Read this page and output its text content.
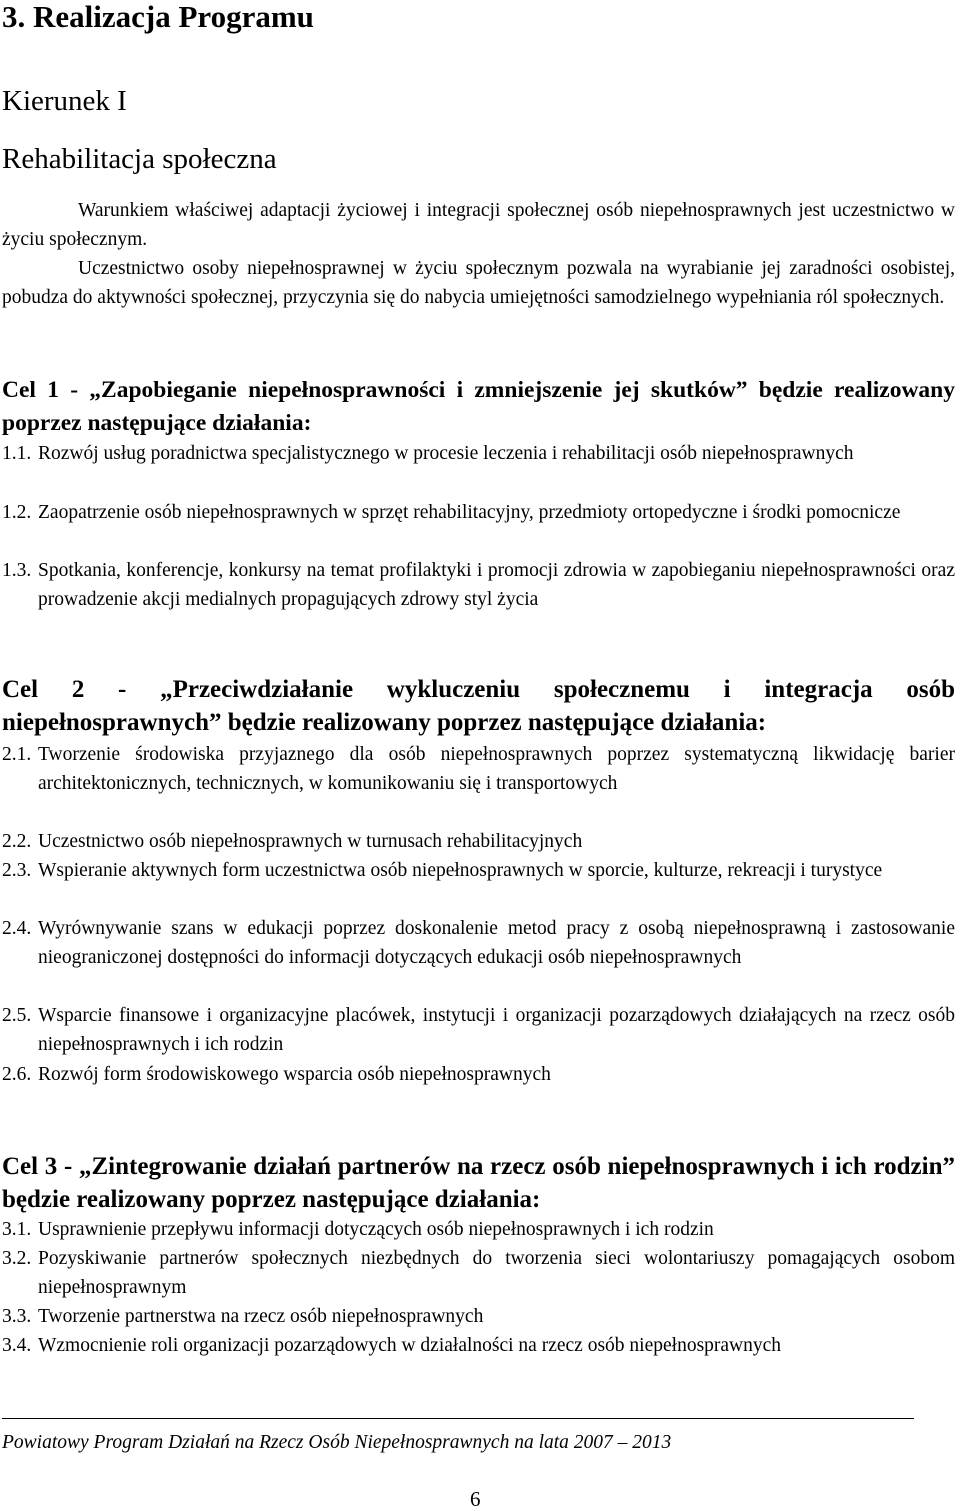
3. Realizacja Programu
Kierunek I
Rehabilitacja społeczna
Warunkiem właściwej adaptacji życiowej i integracji społecznej osób niepełnosprawnych jest uczestnictwo w życiu społecznym.
Uczestnictwo osoby niepełnosprawnej w życiu społecznym pozwala na wyrabianie jej zaradności osobistej, pobudza do aktywności społecznej, przyczynia się do nabycia umiejętności samodzielnego wypełniania ról społecznych.
Cel 1 - „Zapobieganie niepełnosprawności i zmniejszenie jej skutków” będzie realizowany poprzez następujące działania:
1.1. Rozwój usług poradnictwa specjalistycznego w procesie leczenia i rehabilitacji osób niepełnosprawnych
1.2. Zaopatrzenie osób niepełnosprawnych w sprzęt rehabilitacyjny, przedmioty ortopedyczne i środki pomocnicze
1.3. Spotkania, konferencje, konkursy na temat profilaktyki i promocji zdrowia w zapobieganiu niepełnosprawności oraz prowadzenie akcji medialnych propagujących zdrowy styl życia
Cel 2 - „Przeciwdziałanie wykluczeniu społecznemu i integracja osób niepełnosprawnych” będzie realizowany poprzez następujące działania:
2.1. Tworzenie środowiska przyjaznego dla osób niepełnosprawnych poprzez systematyczną likwidację barier architektonicznych, technicznych, w komunikowaniu się i transportowych
2.2. Uczestnictwo osób niepełnosprawnych w turnusach rehabilitacyjnych
2.3. Wspieranie aktywnych form uczestnictwa osób niepełnosprawnych w sporcie, kulturze, rekreacji i turystyce
2.4. Wyrównywanie szans w edukacji poprzez doskonalenie metod pracy z osobą niepełnosprawną i zastosowanie nieograniczonej dostępności do informacji dotyczących edukacji osób niepełnosprawnych
2.5. Wsparcie finansowe i organizacyjne placówek, instytucji i organizacji pozarządowych działających na rzecz osób niepełnosprawnych i ich rodzin
2.6. Rozwój form środowiskowego wsparcia osób niepełnosprawnych
Cel 3 - „Zintegrowanie działań partnerów na rzecz osób niepełnosprawnych i ich rodzin” będzie realizowany poprzez następujące działania:
3.1. Usprawnienie przepływu informacji dotyczących osób niepełnosprawnych i ich rodzin
3.2. Pozyskiwanie partnerów społecznych niezbędnych do tworzenia sieci wolontariuszy pomagających osobom niepełnosprawnym
3.3. Tworzenie partnerstwa na rzecz osób niepełnosprawnych
3.4. Wzmocnienie roli organizacji pozarządowych w działalności na rzecz osób niepełnosprawnych
Powiatowy Program Działań na Rzecz Osób Niepełnosprawnych na lata 2007 – 2013
6
